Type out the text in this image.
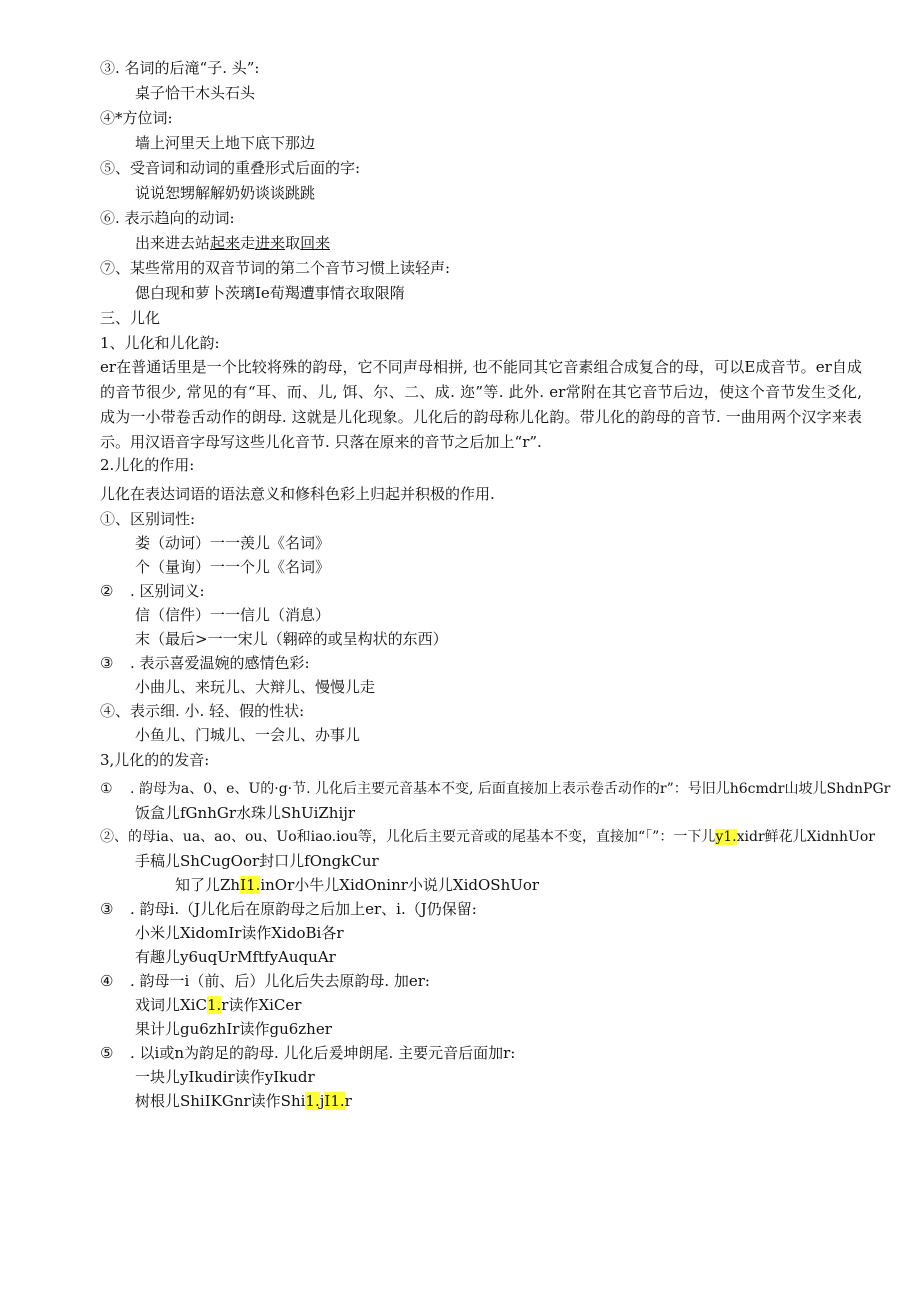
③. 名词的后滝“子. 头”:
桌子恰干木头石头
④*方位词:
墙上河里天上地下底下那边
⑤、受音词和动词的重叠形式后面的字:
说说恕甥解解奶奶谈谈跳跳
⑥. 表示趋向的动词:
出来进去站起来走进来取回来
⑦、某些常用的双音节词的第二个音节习惯上读轻声:
偲白现和萝卜茨璃Ie荀羯遭事情衣取限隋
三、儿化
1、儿化和儿化韵:
er在普通话里是一个比较将殊的韵母，它不同声母相拼, 也不能同其它音素组合成复合的母，可以E成音节。er自成的音节很少, 常见的有“耳、而、儿, 饵、尔、二、成. 迩”等. 此外. er常附在其它音节后边，使这个音节发生爻化, 成为一小带卷舌动作的朗母. 这就是儿化现象。儿化后的韵母称儿化韵。带儿化的韵母的音节. 一曲用两个汉字来表示。用汉语音字母写这些儿化音节. 只落在原来的音节之后加上“r”.
2.儿化的作用:
儿化在表达词语的语法意义和修科色彩上归起并积极的作用.
①、区别词性:
娄（动诃）一一羡儿《名词》
个（量询）一一个儿《名词》
② . 区别词义:
信（信件）一一信儿（消息）
末（最后>一一宋儿（翱碎的或呈构状的东西）
③ . 表示喜爱温婉的感情色彩:
小曲儿、来玩儿、大辩儿、慢慢儿走
④、表示细. 小. 轻、假的性状:
小鱼儿、门城儿、一会儿、办事儿
3,儿化的的发音:
① . 韵母为a、0、e、U的·g·节. 儿化后主要元音基本不变, 后面直接加上表示卷舌动作的r”：号旧儿h6cmdr山坡儿ShdnPGr
饭盒儿fGnhGr水珠儿ShUiZhijr
②、的母ia、ua、ao、ou、Uo和iao.iou等，儿化后主要元音或的尾基本不变，直接加“「”：一下儿y1.xidr鲜花儿XidnhUor
手稿儿ShCugOor封口儿fOngkCur
知了儿ZhI1.inOr小牛儿XidOninr小说儿XidOShUor
③ . 韵母i.（J儿化后在原韵母之后加上er、i.（J仍保留:
小米儿XidomIr读作XidoBi各r
有趣儿y6uqUrMftfyAuquAr
④ . 韵母一i（前、后）儿化后失去原韵母. 加er:
戏词儿XiC1.r读作XiCer
果计儿gu6zhIr读作gu6zher
⑤ . 以i或n为韵足的韵母. 儿化后爰坤朗尾. 主要元音后面加r:
一块儿yIkudir读作yIkudr
树根儿ShiIKGnr读作Shi1.jI1.r
